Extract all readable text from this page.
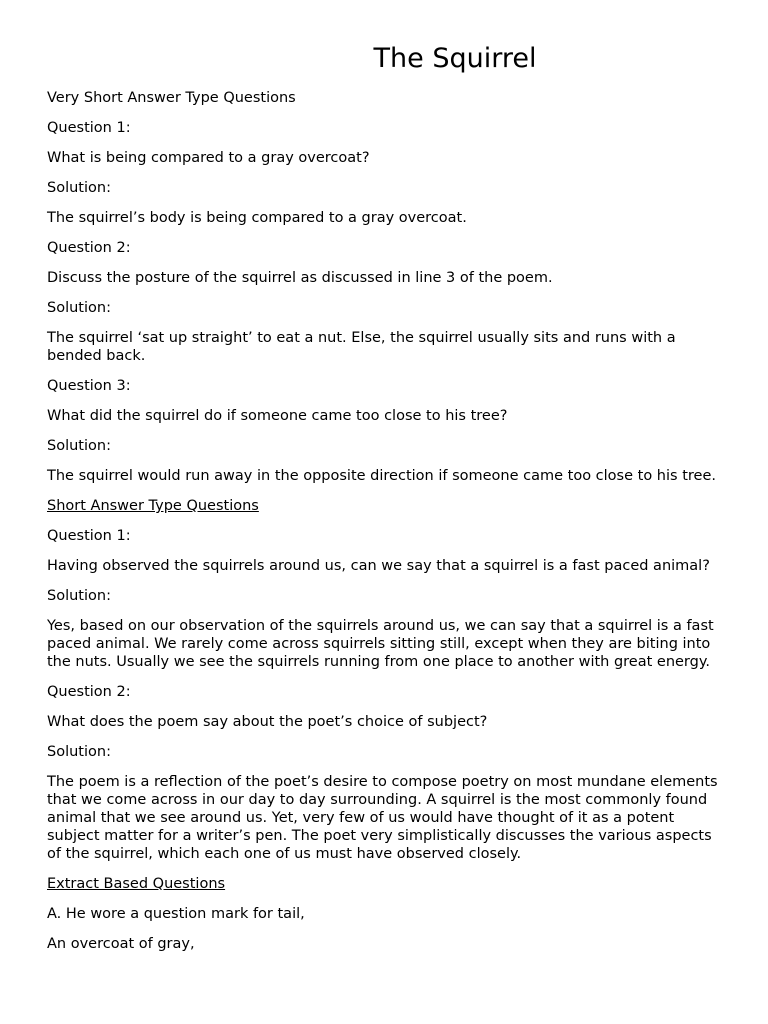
The Squirrel

Very Short Answer Type Questions

Question 1:

What is being compared to a gray overcoat?

Solution:

The squirrel’s body is being compared to a gray overcoat.

Question 2:

Discuss the posture of the squirrel as discussed in line 3 of the poem.

Solution:

The squirrel ‘sat up straight’ to eat a nut. Else, the squirrel usually sits and runs with a bended back.

Question 3:

What did the squirrel do if someone came too close to his tree?

Solution:

The squirrel would run away in the opposite direction if someone came too close to his tree.

Short Answer Type Questions

Question 1:

Having observed the squirrels around us, can we say that a squirrel is a fast paced animal?

Solution:

Yes, based on our observation of the squirrels around us, we can say that a squirrel is a fast paced animal. We rarely come across squirrels sitting still, except when they are biting into the nuts. Usually we see the squirrels running from one place to another with great energy.

Question 2:

What does the poem say about the poet’s choice of subject?

Solution:

The poem is a reflection of the poet’s desire to compose poetry on most mundane elements that we come across in our day to day surrounding. A squirrel is the most commonly found animal that we see around us. Yet, very few of us would have thought of it as a potent subject matter for a writer’s pen. The poet very simplistically discusses the various aspects of the squirrel, which each one of us must have observed closely.

Extract Based Questions

A. He wore a question mark for tail,

An overcoat of gray,
